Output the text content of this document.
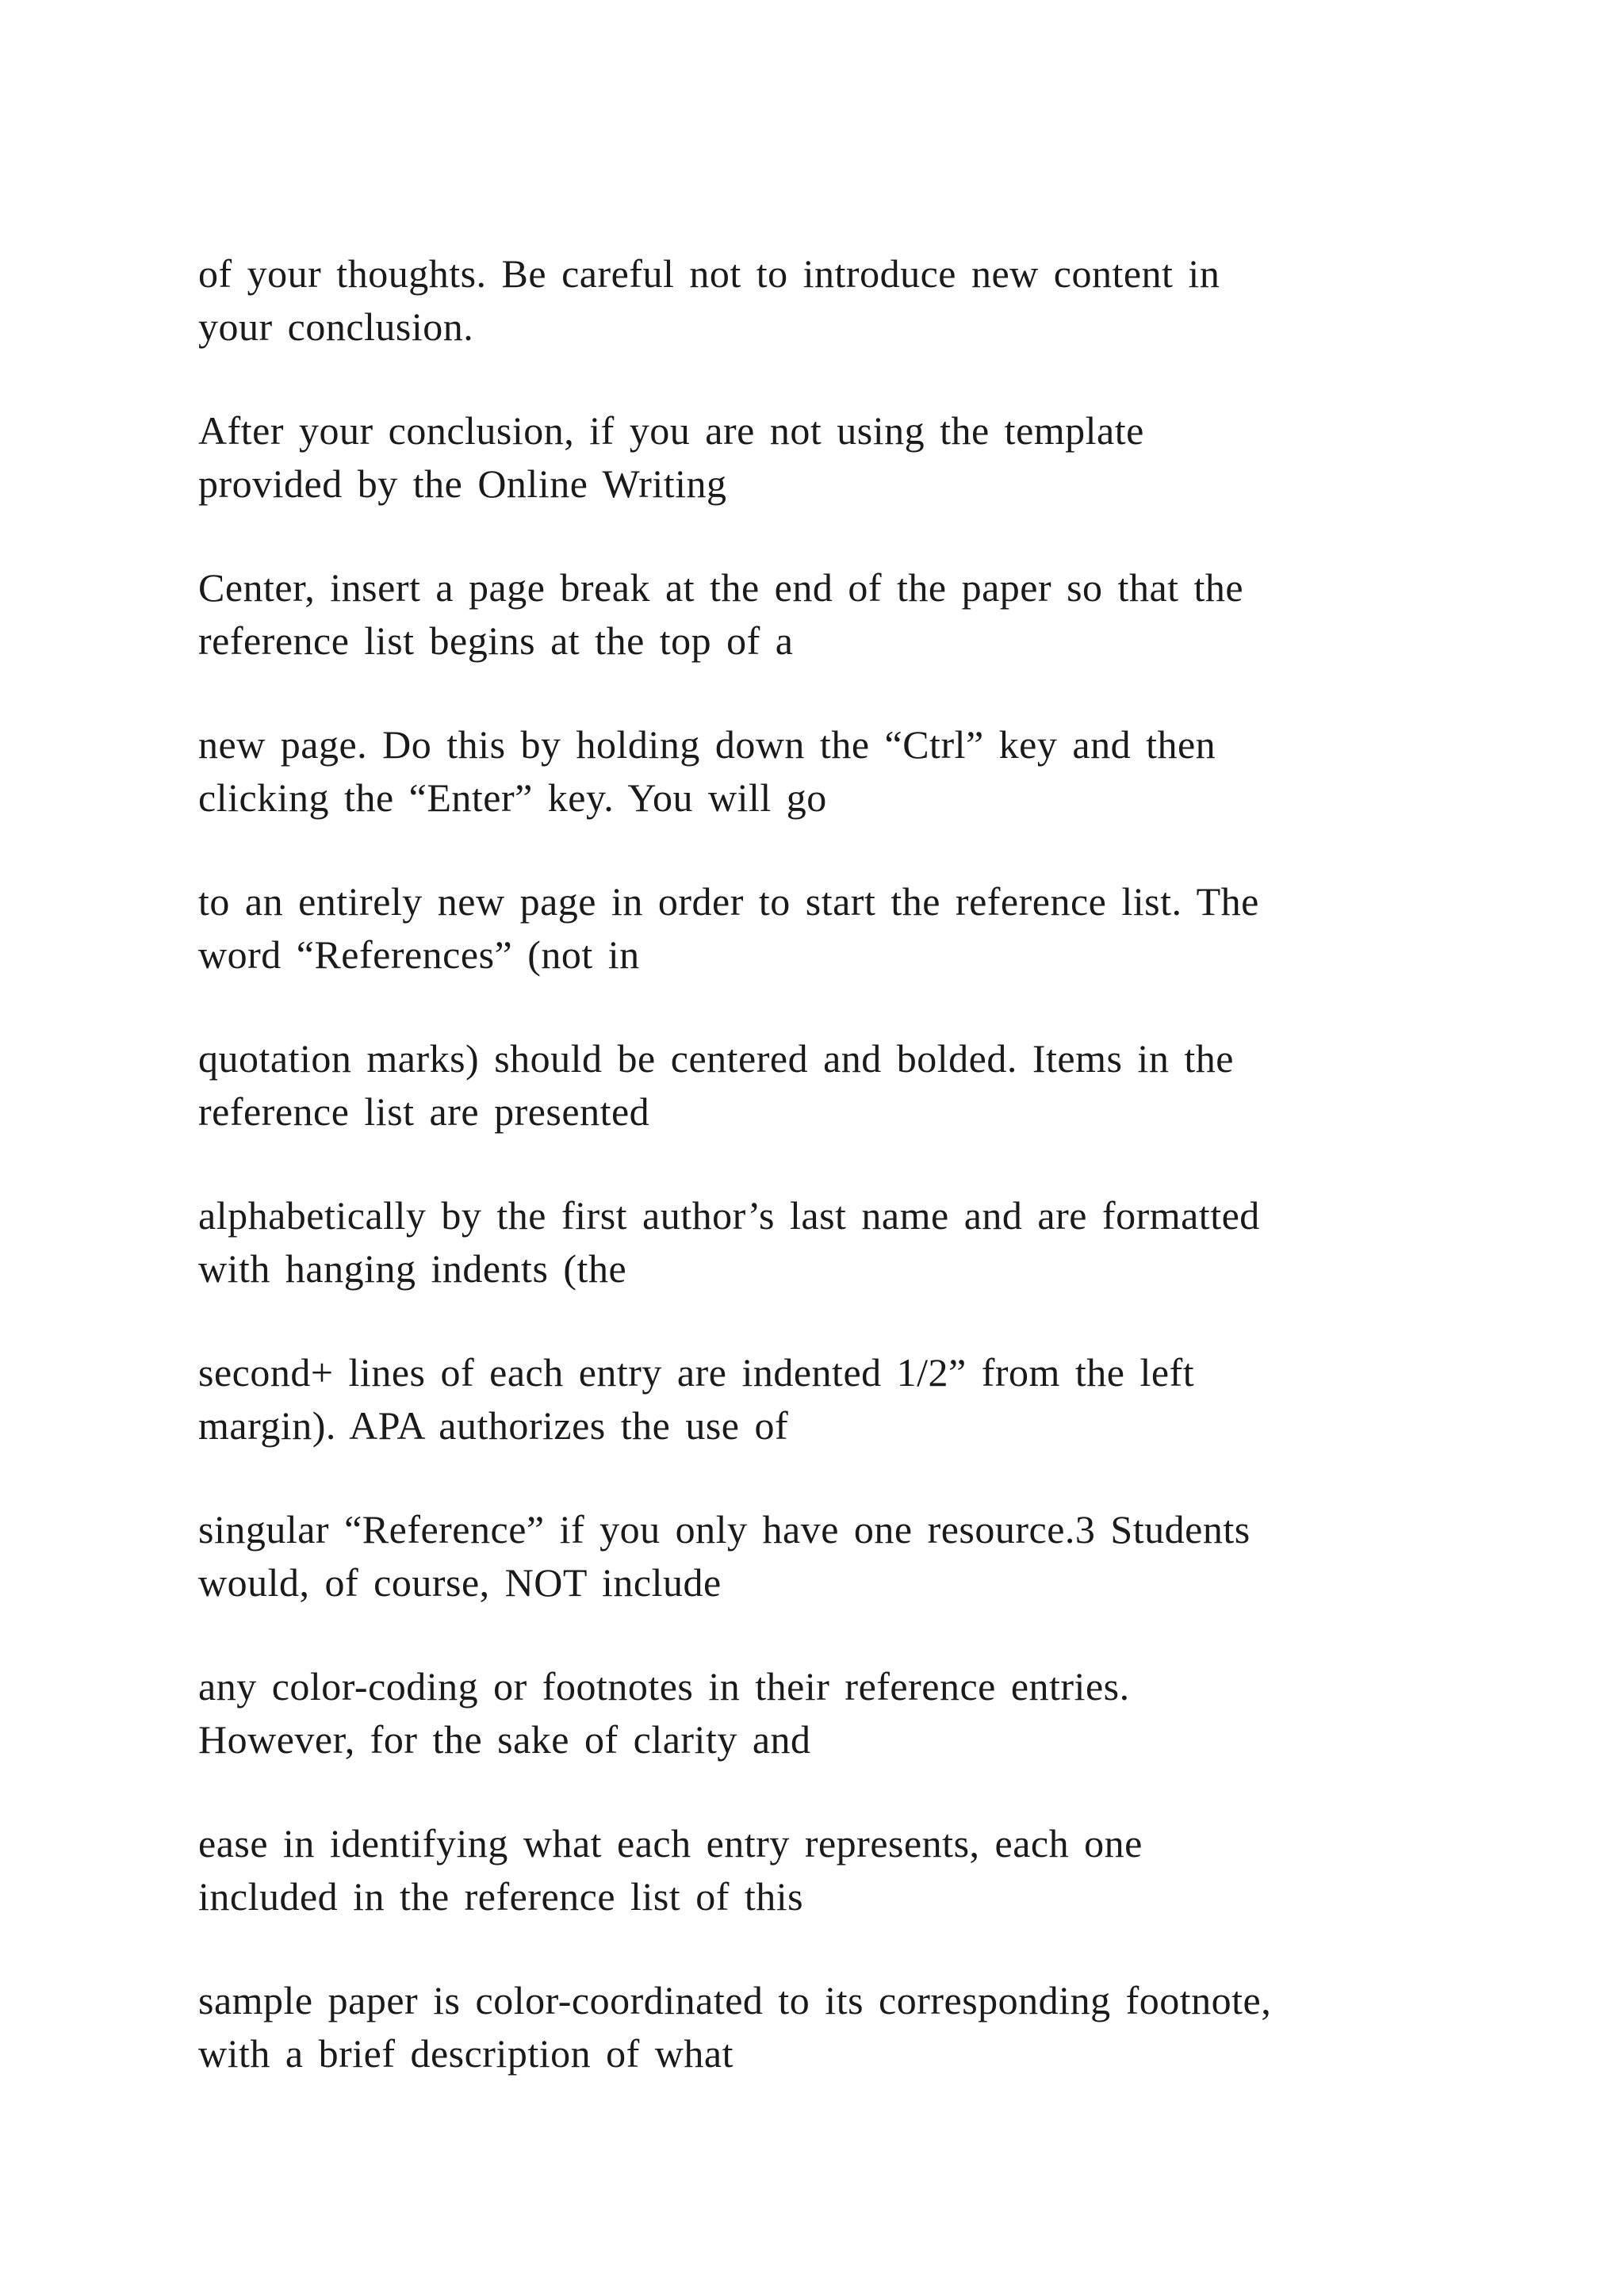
of your thoughts. Be careful not to introduce new content in
your conclusion.

After your conclusion, if you are not using the template
provided by the Online Writing

Center, insert a page break at the end of the paper so that the
reference list begins at the top of a

new page. Do this by holding down the “Ctrl” key and then
clicking the “Enter” key. You will go

to an entirely new page in order to start the reference list. The
word “References” (not in

quotation marks) should be centered and bolded. Items in the
reference list are presented

alphabetically by the first author’s last name and are formatted
with hanging indents (the

second+ lines of each entry are indented 1/2” from the left
margin). APA authorizes the use of

singular “Reference” if you only have one resource.3 Students
would, of course, NOT include

any color-coding or footnotes in their reference entries.
However, for the sake of clarity and

ease in identifying what each entry represents, each one
included in the reference list of this

sample paper is color-coordinated to its corresponding footnote,
with a brief description of what
